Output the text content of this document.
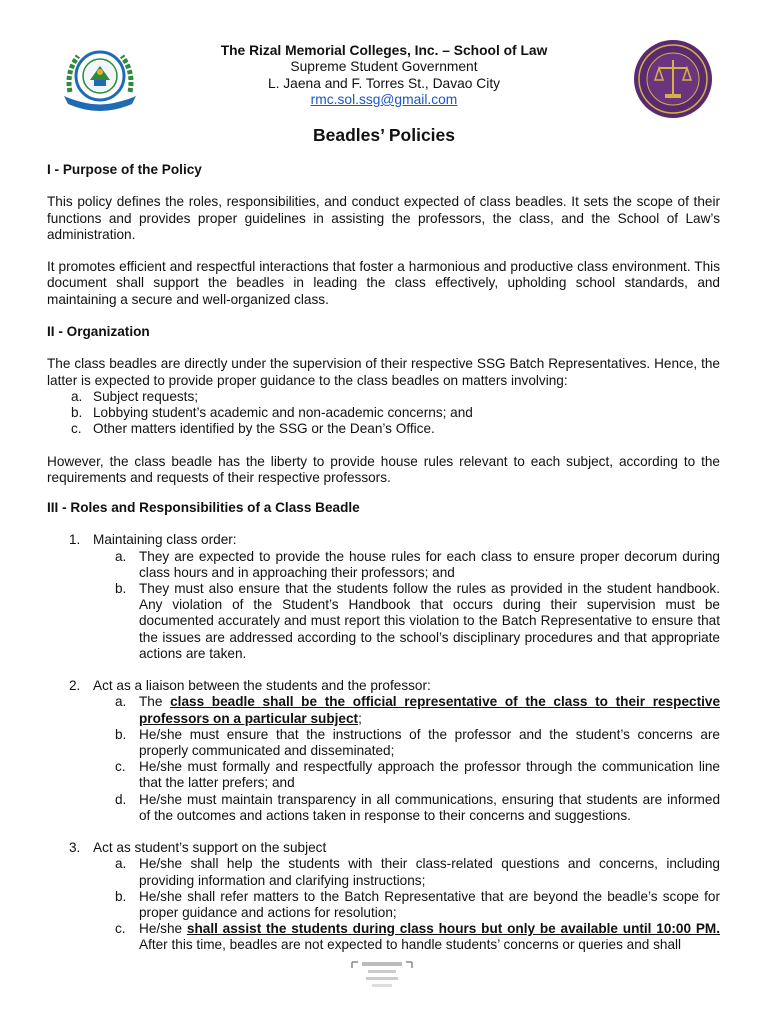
The Rizal Memorial Colleges, Inc. – School of Law
Supreme Student Government
L. Jaena and F. Torres St., Davao City
rmc.sol.ssg@gmail.com
Beadles’ Policies

I - Purpose of the Policy

This policy defines the roles, responsibilities, and conduct expected of class beadles. It sets the scope of their functions and provides proper guidelines in assisting the professors, the class, and the School of Law’s administration.

It promotes efficient and respectful interactions that foster a harmonious and productive class environment. This document shall support the beadles in leading the class effectively, upholding school standards, and maintaining a secure and well-organized class.

II - Organization

The class beadles are directly under the supervision of their respective SSG Batch Representatives. Hence, the latter is expected to provide proper guidance to the class beadles on matters involving:

a. Subject requests;
b. Lobbying student’s academic and non-academic concerns; and
c. Other matters identified by the SSG or the Dean’s Office.

However, the class beadle has the liberty to provide house rules relevant to each subject, according to the requirements and requests of their respective professors.

III - Roles and Responsibilities of a Class Beadle

1. Maintaining class order:
a. They are expected to provide the house rules for each class to ensure proper decorum during class hours and in approaching their professors; and
b. They must also ensure that the students follow the rules as provided in the student handbook. Any violation of the Student’s Handbook that occurs during their supervision must be documented accurately and must report this violation to the Batch Representative to ensure that the issues are addressed according to the school’s disciplinary procedures and that appropriate actions are taken.
2. Act as a liaison between the students and the professor:
a. The class beadle shall be the official representative of the class to their respective professors on a particular subject;
b. He/she must ensure that the instructions of the professor and the student’s concerns are properly communicated and disseminated;
c. He/she must formally and respectfully approach the professor through the communication line that the latter prefers; and
d. He/she must maintain transparency in all communications, ensuring that students are informed of the outcomes and actions taken in response to their concerns and suggestions.
3. Act as student’s support on the subject
a. He/she shall help the students with their class-related questions and concerns, including providing information and clarifying instructions;
b. He/she shall refer matters to the Batch Representative that are beyond the beadle’s scope for proper guidance and actions for resolution;
c. He/she shall assist the students during class hours but only be available until 10:00 PM. After this time, beadles are not expected to handle students’ concerns or queries and shall
